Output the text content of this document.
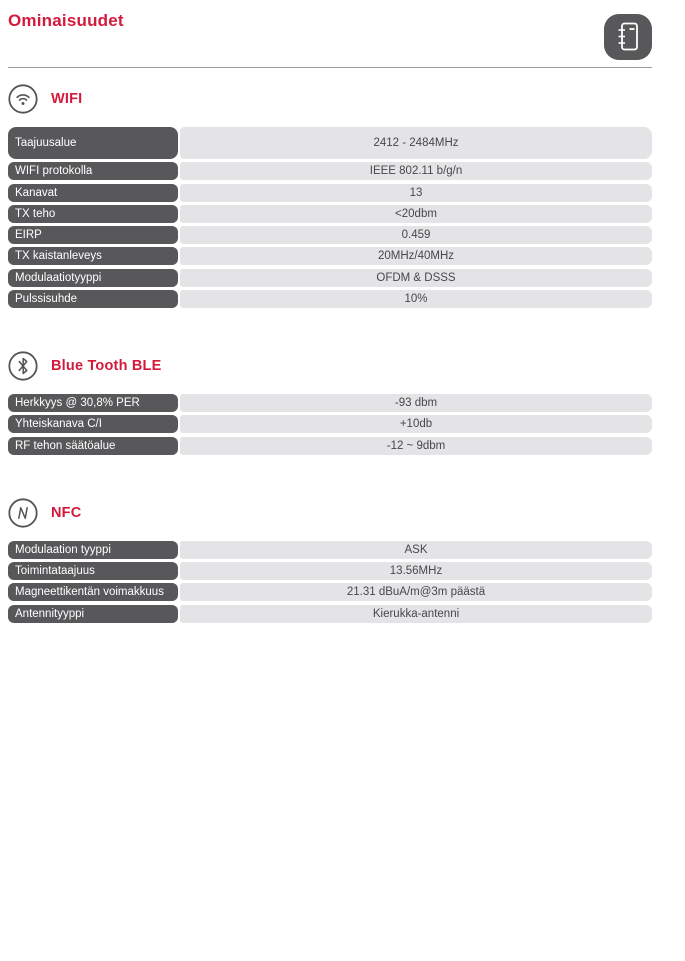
Ominaisuudet
WIFI
Taajuusalue	2412 - 2484MHz
WIFI protokolla	IEEE 802.11 b/g/n
Kanavat	13
TX teho	<20dbm
EIRP	0.459
TX kaistanleveys	20MHz/40MHz
Modulaatiotyyppi	OFDM & DSSS
Pulssisuhde	10%
Blue Tooth BLE
Herkkyys @ 30,8% PER	-93 dbm
Yhteiskanava C/I	+10db
RF tehon säätöalue	-12 ~ 9dbm
NFC
Modulaation tyyppi	ASK
Toimintataajuus	13.56MHz
Magneettikentän voimakkuus	21.31 dBuA/m@3m päästä
Antennityyppi	Kierukka-antenni
